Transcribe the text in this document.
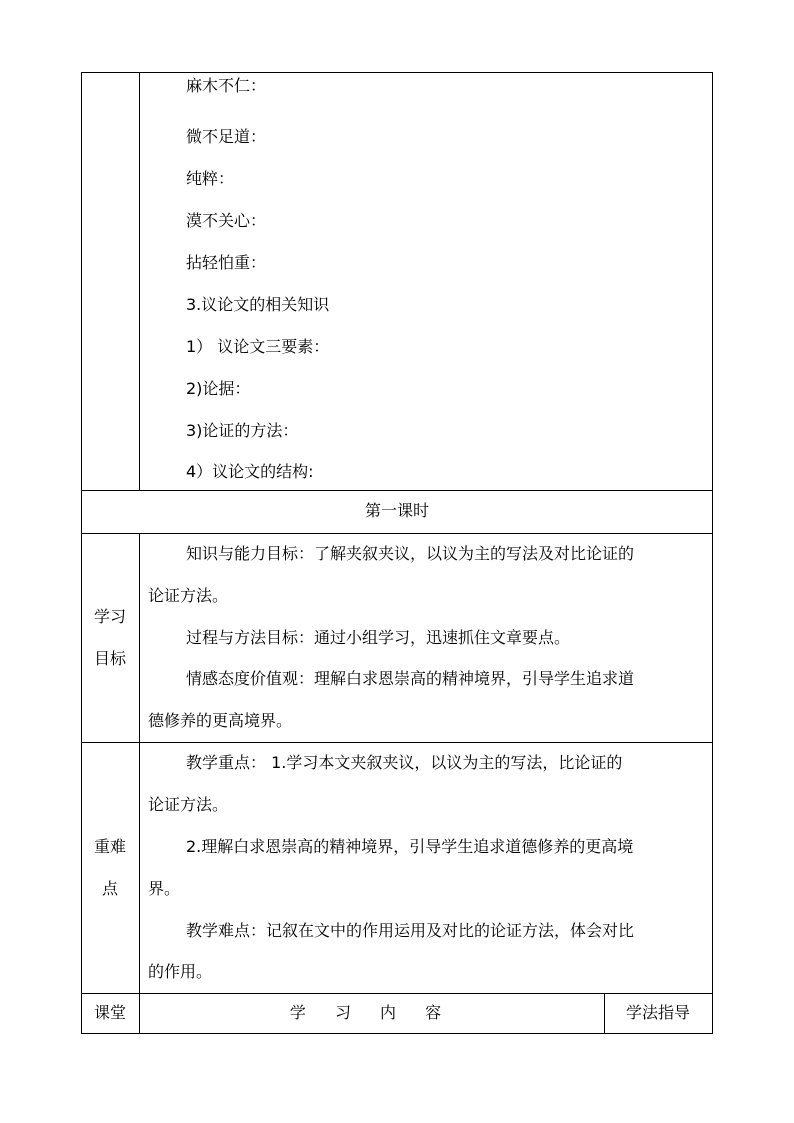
麻木不仁：
微不足道：
纯粹：
漠不关心：
拈轻怕重：
3.议论文的相关知识
1） 议论文三要素：
2)论据：
3)论证的方法：
4）议论文的结构:
第一课时
学习
目标
知识与能力目标：了解夹叙夹议，以议为主的写法及对比论证的
论证方法。
过程与方法目标：通过小组学习，迅速抓住文章要点。
情感态度价值观：理解白求恩崇高的精神境界，引导学生追求道
德修养的更高境界。
重难
点
教学重点： 1.学习本文夹叙夹议，以议为主的写法，比论证的
论证方法。
2.理解白求恩崇高的精神境界，引导学生追求道德修养的更高境
界。
教学难点：记叙在文中的作用运用及对比的论证方法，体会对比
的作用。
课堂	学 习 内 容	学法指导
